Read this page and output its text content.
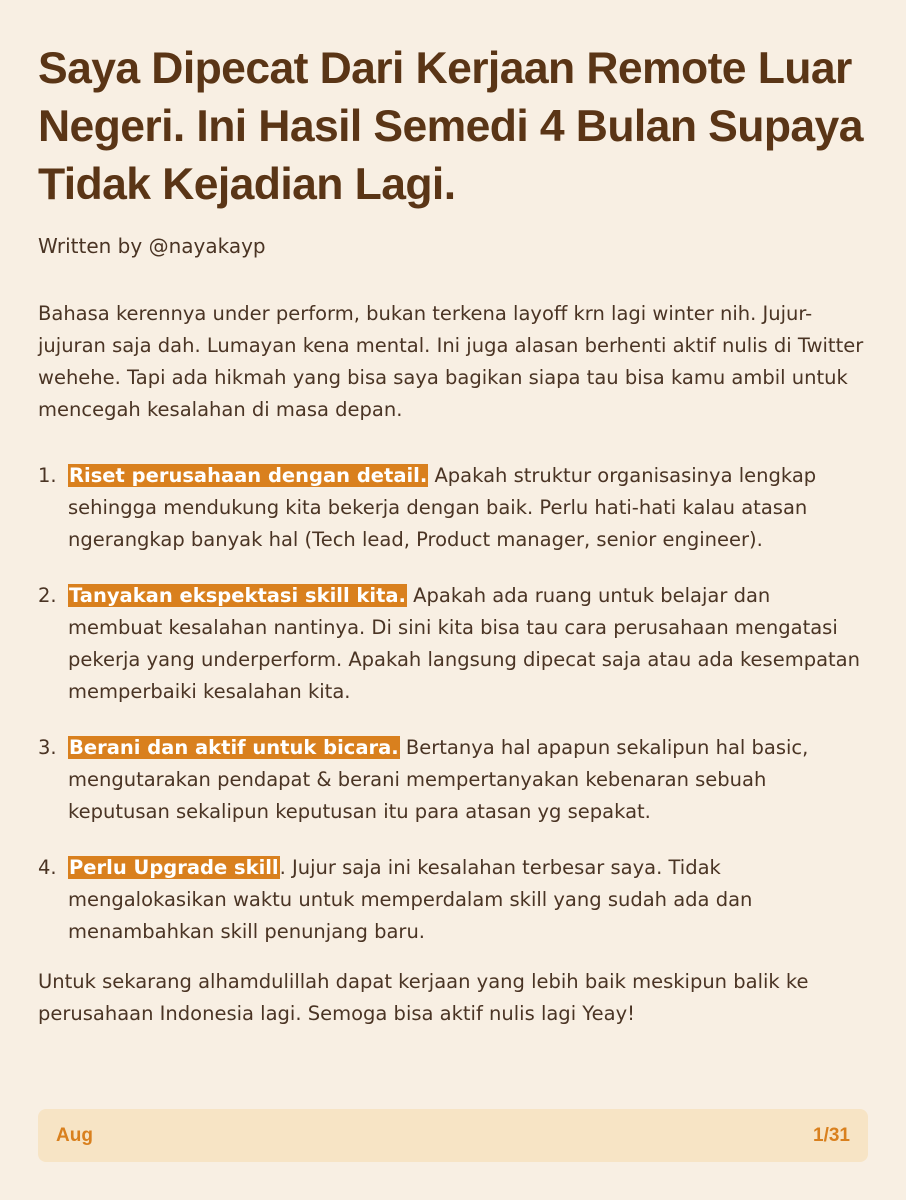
Saya Dipecat Dari Kerjaan Remote Luar Negeri. Ini Hasil Semedi 4 Bulan Supaya Tidak Kejadian Lagi.

Written by @nayakayp

Bahasa kerennya under perform, bukan terkena layoff krn lagi winter nih. Jujur-jujuran saja dah. Lumayan kena mental. Ini juga alasan berhenti aktif nulis di Twitter wehehe. Tapi ada hikmah yang bisa saya bagikan siapa tau bisa kamu ambil untuk mencegah kesalahan di masa depan.

1. Riset perusahaan dengan detail. Apakah struktur organisasinya lengkap sehingga mendukung kita bekerja dengan baik. Perlu hati-hati kalau atasan ngerangkap banyak hal (Tech lead, Product manager, senior engineer).
2. Tanyakan ekspektasi skill kita. Apakah ada ruang untuk belajar dan membuat kesalahan nantinya. Di sini kita bisa tau cara perusahaan mengatasi pekerja yang underperform. Apakah langsung dipecat saja atau ada kesempatan memperbaiki kesalahan kita.
3. Berani dan aktif untuk bicara. Bertanya hal apapun sekalipun hal basic, mengutarakan pendapat & berani mempertanyakan kebenaran sebuah keputusan sekalipun keputusan itu para atasan yg sepakat.
4. Perlu Upgrade skill. Jujur saja ini kesalahan terbesar saya. Tidak mengalokasikan waktu untuk memperdalam skill yang sudah ada dan menambahkan skill penunjang baru.

Untuk sekarang alhamdulillah dapat kerjaan yang lebih baik meskipun balik ke perusahaan Indonesia lagi. Semoga bisa aktif nulis lagi Yeay!

Aug	1/31
